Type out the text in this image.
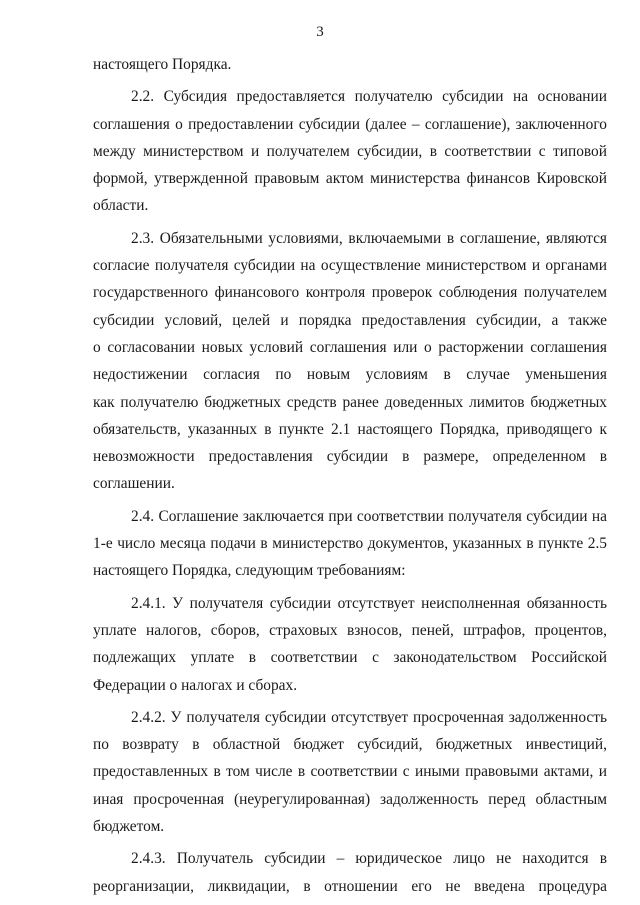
3
настоящего Порядка.
2.2. Субсидия предоставляется получателю субсидии на основании
соглашения о предоставлении субсидии (далее – соглашение), заключенного
между министерством и получателем субсидии, в соответствии с типовой
формой, утвержденной правовым актом министерства финансов Кировской
области.
2.3. Обязательными условиями, включаемыми в соглашение, являются
согласие получателя субсидии на осуществление министерством и органами
государственного финансового контроля проверок соблюдения получателем
субсидии условий, целей и порядка предоставления субсидии, а также
о согласовании новых условий соглашения или о расторжении соглашения
недостижении согласия по новым условиям в случае уменьшения
как получателю бюджетных средств ранее доведенных лимитов бюджетных
обязательств, указанных в пункте 2.1 настоящего Порядка, приводящего к
невозможности предоставления субсидии в размере, определенном в
соглашении.
2.4. Соглашение заключается при соответствии получателя субсидии на
1-е число месяца подачи в министерство документов, указанных в пункте 2.5
настоящего Порядка, следующим требованиям:
2.4.1. У получателя субсидии отсутствует неисполненная обязанность
уплате налогов, сборов, страховых взносов, пеней, штрафов, процентов,
подлежащих уплате в соответствии с законодательством Российской
Федерации о налогах и сборах.
2.4.2. У получателя субсидии отсутствует просроченная задолженность
по возврату в областной бюджет субсидий, бюджетных инвестиций,
предоставленных в том числе в соответствии с иными правовыми актами, и
иная просроченная (неурегулированная) задолженность перед областным
бюджетом.
2.4.3. Получатель субсидии – юридическое лицо не находится в
реорганизации, ликвидации, в отношении его не введена процедура
